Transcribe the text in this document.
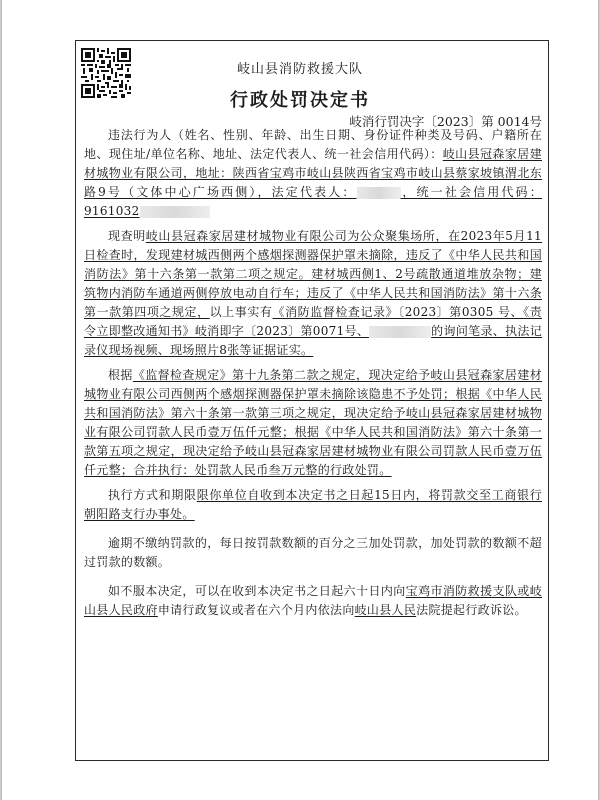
岐山县消防救援大队
行政处罚决定书
岐消行罚决字〔2023〕第 0014号

违法行为人（姓名、性别、年龄、出生日期、身份证件种类及号码、户籍所在地、现住址/单位名称、地址、法定代表人、统一社会信用代码）：岐山县冠森家居建材城物业有限公司，地址：陕西省宝鸡市岐山县陕西省宝鸡市岐山县蔡家坡镇渭北东路9号（文体中心广场西侧），法定代表人：	，统一社会信用代码：9161032

现查明岐山县冠森家居建材城物业有限公司为公众聚集场所，在2023年5月11日检查时，发现建材城西侧两个感烟探测器保护罩未摘除，违反了《中华人民共和国消防法》第十六条第一款第二项之规定。建材城西侧1、2号疏散通道堆放杂物；建筑物内消防车通道两侧停放电动自行车；违反了《中华人民共和国消防法》第十六条第一款第四项之规定，以上事实有《消防监督检查记录》〔2023〕第0305 号、《责令立即整改通知书》岐消即字〔2023〕第0071号、	的询问笔录、执法记录仪现场视频、现场照片8张等证据证实。

根据《监督检查规定》第十九条第二款之规定，现决定给予岐山县冠森家居建材城物业有限公司西侧两个感烟探测器保护罩未摘除该隐患不予处罚；根据《中华人民共和国消防法》第六十条第一款第三项之规定，现决定给予岐山县冠森家居建材城物业有限公司罚款人民币壹万伍仟元整；根据《中华人民共和国消防法》第六十条第一款第五项之规定，现决定给予岐山县冠森家居建材城物业有限公司罚款人民币壹万伍仟元整；合并执行：处罚款人民币叁万元整的行政处罚。

执行方式和期限限你单位自收到本决定书之日起15日内，将罚款交至工商银行朝阳路支行办事处。

逾期不缴纳罚款的，每日按罚款数额的百分之三加处罚款，加处罚款的数额不超过罚款的数额。

如不服本决定，可以在收到本决定书之日起六十日内向宝鸡市消防救援支队或岐山县人民政府申请行政复议或者在六个月内依法向岐山县人民法院提起行政诉讼。
